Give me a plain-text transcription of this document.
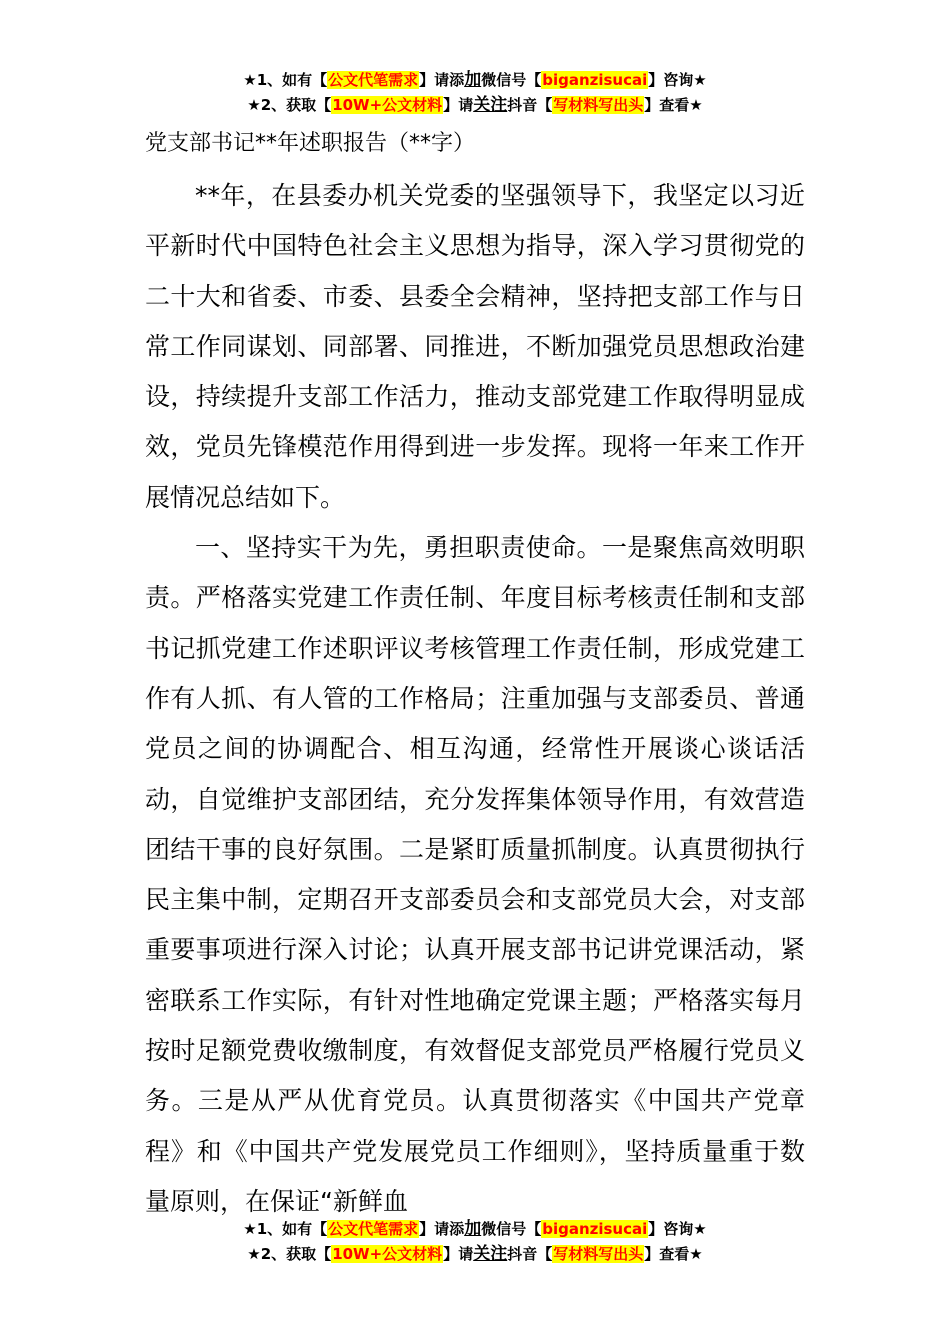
★1、如有【公文代笔需求】请添加微信号【biganzisucai】咨询★
★2、获取【10W+公文材料】请关注抖音【写材料写出头】查看★
党支部书记**年述职报告（**字）

**年，在县委办机关党委的坚强领导下，我坚定以习近平新时代中国特色社会主义思想为指导，深入学习贯彻党的二十大和省委、市委、县委全会精神，坚持把支部工作与日常工作同谋划、同部署、同推进，不断加强党员思想政治建设，持续提升支部工作活力，推动支部党建工作取得明显成效，党员先锋模范作用得到进一步发挥。现将一年来工作开展情况总结如下。

一、坚持实干为先，勇担职责使命。一是聚焦高效明职责。严格落实党建工作责任制、年度目标考核责任制和支部书记抓党建工作述职评议考核管理工作责任制，形成党建工作有人抓、有人管的工作格局；注重加强与支部委员、普通党员之间的协调配合、相互沟通，经常性开展谈心谈话活动，自觉维护支部团结，充分发挥集体领导作用，有效营造团结干事的良好氛围。二是紧盯质量抓制度。认真贯彻执行民主集中制，定期召开支部委员会和支部党员大会，对支部重要事项进行深入讨论；认真开展支部书记讲党课活动，紧密联系工作实际，有针对性地确定党课主题；严格落实每月按时足额党费收缴制度，有效督促支部党员严格履行党员义务。三是从严从优育党员。认真贯彻落实《中国共产党章程》和《中国共产党发展党员工作细则》，坚持质量重于数量原则，在保证“新鲜血

★1、如有【公文代笔需求】请添加微信号【biganzisucai】咨询★
★2、获取【10W+公文材料】请关注抖音【写材料写出头】查看★
